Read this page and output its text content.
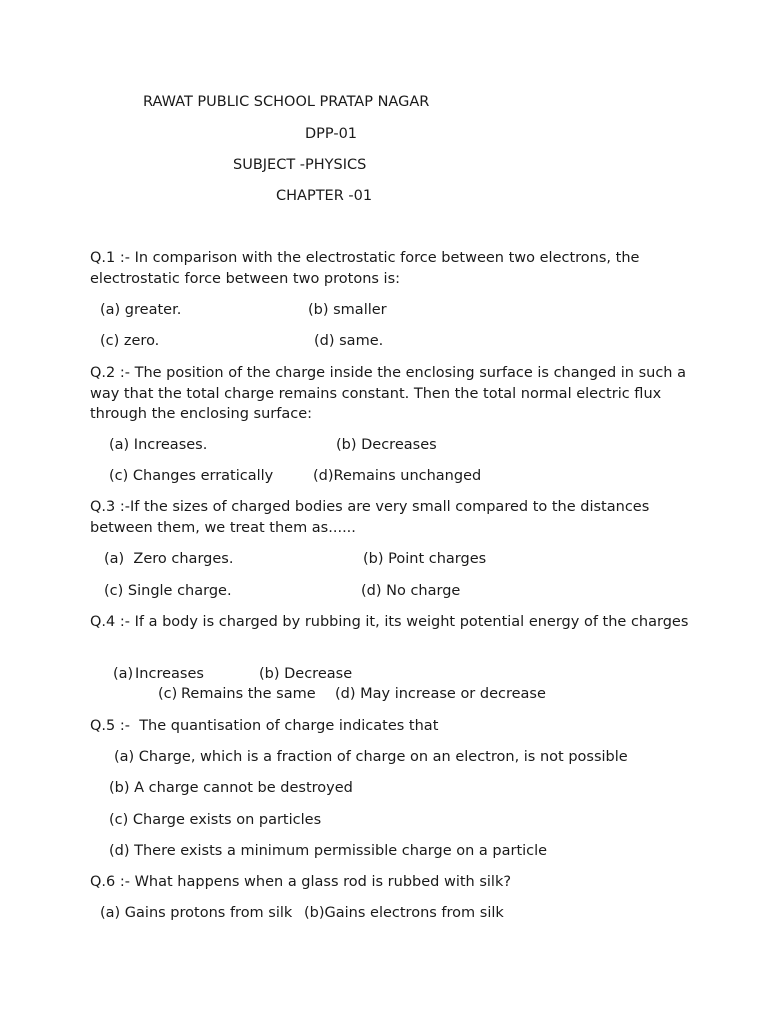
RAWAT PUBLIC SCHOOL PRATAP NAGAR
DPP-01
SUBJECT -PHYSICS
CHAPTER -01
Q.1 :- In comparison with the electrostatic force between two electrons, the electrostatic force between two protons is:
(a) greater.	(b) smaller
(c) zero.	(d) same.
Q.2 :- The position of the charge inside the enclosing surface is changed in such a way that the total charge remains constant. Then the total normal electric flux through the enclosing surface:
(a) Increases.	(b) Decreases
(c) Changes erratically	(d)Remains unchanged
Q.3 :-If the sizes of charged bodies are very small compared to the distances between them, we treat them as......
(a)  Zero charges.	(b) Point charges
(c) Single charge.	(d) No charge
Q.4 :- If a body is charged by rubbing it, its weight potential energy of the charges
(a) Increases	(b) Decrease
(c) Remains the same (d) May increase or decrease
Q.5 :-  The quantisation of charge indicates that
(a) Charge, which is a fraction of charge on an electron, is not possible
(b) A charge cannot be destroyed
(c) Charge exists on particles
(d) There exists a minimum permissible charge on a particle
Q.6 :- What happens when a glass rod is rubbed with silk?
(a) Gains protons from silk (b)Gains electrons from silk
